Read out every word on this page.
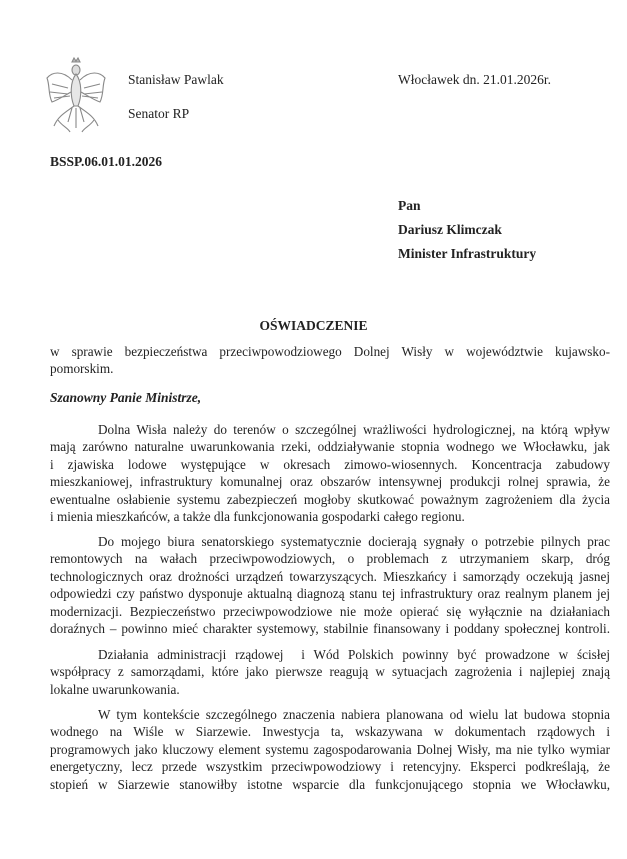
Stanisław Pawlak
Senator RP
Włocławek dn. 21.01.2026r.
BSSP.06.01.01.2026
Pan
Dariusz Klimczak
Minister Infrastruktury
OŚWIADCZENIE
w sprawie bezpieczeństwa przeciwpowodziowego Dolnej Wisły w województwie kujawsko-
pomorskim.
Szanowny Panie Ministrze,
Dolna Wisła należy do terenów o szczególnej wrażliwości hydrologicznej, na którą wpływ
mają zarówno naturalne uwarunkowania rzeki, oddziaływanie stopnia wodnego we Włocławku, jak
i zjawiska lodowe występujące w okresach zimowo-wiosennych. Koncentracja zabudowy
mieszkaniowej, infrastruktury komunalnej oraz obszarów intensywnej produkcji rolnej sprawia, że
ewentualne osłabienie systemu zabezpieczeń mogłoby skutkować poważnym zagrożeniem dla życia
i mienia mieszkańców, a także dla funkcjonowania gospodarki całego regionu.
Do mojego biura senatorskiego systematycznie docierają sygnały o potrzebie pilnych prac
remontowych na wałach przeciwpowodziowych, o problemach z utrzymaniem skarp, dróg
technologicznych oraz drożności urządzeń towarzyszących. Mieszkańcy i samorządy oczekują jasnej
odpowiedzi czy państwo dysponuje aktualną diagnozą stanu tej infrastruktury oraz realnym planem jej
modernizacji. Bezpieczeństwo przeciwpowodziowe nie może opierać się wyłącznie na działaniach
doraźnych – powinno mieć charakter systemowy, stabilnie finansowany i poddany społecznej kontroli.
Działania administracji rządowej  i Wód Polskich powinny być prowadzone w ścisłej
współpracy z samorządami, które jako pierwsze reagują w sytuacjach zagrożenia i najlepiej znają
lokalne uwarunkowania.
W tym kontekście szczególnego znaczenia nabiera planowana od wielu lat budowa stopnia
wodnego na Wiśle w Siarzewie. Inwestycja ta, wskazywana w dokumentach rządowych i
programowych jako kluczowy element systemu zagospodarowania Dolnej Wisły, ma nie tylko wymiar
energetyczny, lecz przede wszystkim przeciwpowodziowy i retencyjny. Eksperci podkreślają, że
stopień w Siarzewie stanowiłby istotne wsparcie dla funkcjonującego stopnia we Włocławku,
